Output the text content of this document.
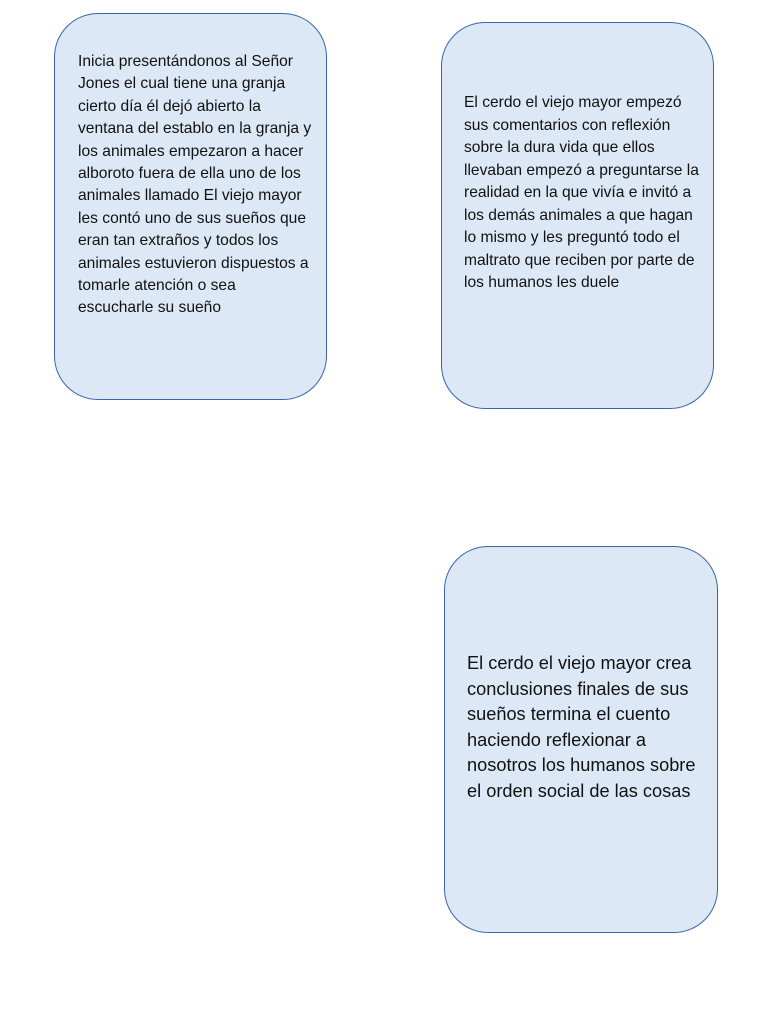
Inicia presentándonos al Señor Jones el cual tiene una granja cierto día él dejó abierto la ventana del establo en la granja y los animales empezaron a hacer alboroto fuera de ella uno de los animales llamado El viejo mayor les contó uno de sus sueños que eran tan extraños y todos los animales estuvieron dispuestos a tomarle atención o sea escucharle su sueño

El cerdo el viejo mayor empezó sus comentarios con reflexión sobre la dura vida que ellos llevaban empezó a preguntarse la realidad en la que vivía e invitó a los demás animales a que hagan lo mismo y les preguntó todo el maltrato que reciben por parte de los humanos les duele

El cerdo el viejo mayor crea conclusiones finales de sus sueños termina el cuento haciendo reflexionar a nosotros los humanos sobre el orden social de las cosas
